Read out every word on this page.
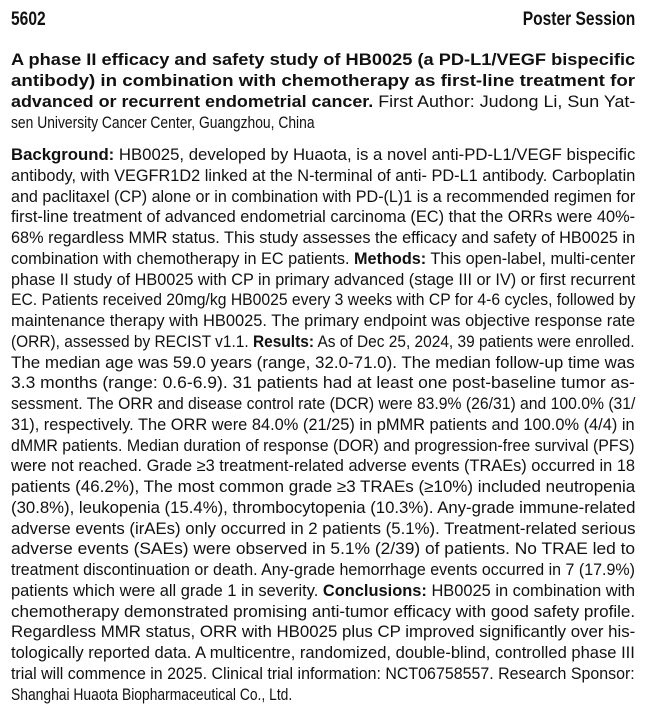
5602	Poster Session
A phase II efficacy and safety study of HB0025 (a PD-L1/VEGF bispecific
antibody) in combination with chemotherapy as first-line treatment for
advanced or recurrent endometrial cancer. First Author: Judong Li, Sun Yat-
sen University Cancer Center, Guangzhou, China
Background: HB0025, developed by Huaota, is a novel anti-PD-L1/VEGF bispecific
antibody, with VEGFR1D2 linked at the N-terminal of anti- PD-L1 antibody. Carboplatin
and paclitaxel (CP) alone or in combination with PD-(L)1 is a recommended regimen for
first-line treatment of advanced endometrial carcinoma (EC) that the ORRs were 40%-
68% regardless MMR status. This study assesses the efficacy and safety of HB0025 in
combination with chemotherapy in EC patients. Methods: This open-label, multi-center
phase II study of HB0025 with CP in primary advanced (stage III or IV) or first recurrent
EC. Patients received 20mg/kg HB0025 every 3 weeks with CP for 4-6 cycles, followed by
maintenance therapy with HB0025. The primary endpoint was objective response rate
(ORR), assessed by RECIST v1.1. Results: As of Dec 25, 2024, 39 patients were enrolled.
The median age was 59.0 years (range, 32.0-71.0). The median follow-up time was
3.3 months (range: 0.6-6.9). 31 patients had at least one post-baseline tumor as-
sessment. The ORR and disease control rate (DCR) were 83.9% (26/31) and 100.0% (31/
31), respectively. The ORR were 84.0% (21/25) in pMMR patients and 100.0% (4/4) in
dMMR patients. Median duration of response (DOR) and progression-free survival (PFS)
were not reached. Grade ≥3 treatment-related adverse events (TRAEs) occurred in 18
patients (46.2%), The most common grade ≥3 TRAEs (≥10%) included neutropenia
(30.8%), leukopenia (15.4%), thrombocytopenia (10.3%). Any-grade immune-related
adverse events (irAEs) only occurred in 2 patients (5.1%). Treatment-related serious
adverse events (SAEs) were observed in 5.1% (2/39) of patients. No TRAE led to
treatment discontinuation or death. Any-grade hemorrhage events occurred in 7 (17.9%)
patients which were all grade 1 in severity. Conclusions: HB0025 in combination with
chemotherapy demonstrated promising anti-tumor efficacy with good safety profile.
Regardless MMR status, ORR with HB0025 plus CP improved significantly over his-
tologically reported data. A multicentre, randomized, double-blind, controlled phase III
trial will commence in 2025. Clinical trial information: NCT06758557. Research Sponsor:
Shanghai Huaota Biopharmaceutical Co., Ltd.
